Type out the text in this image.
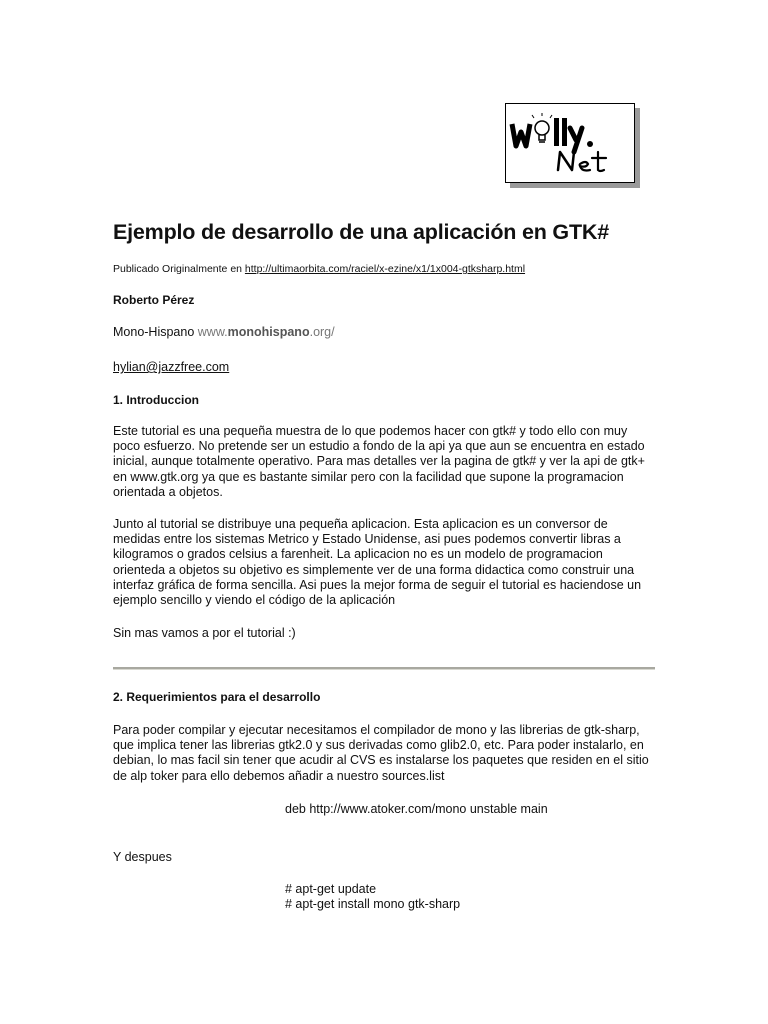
Ejemplo de desarrollo de una aplicación en GTK#

Publicado Originalmente en http://ultimaorbita.com/raciel/x-ezine/x1/1x004-gtksharp.html

Roberto Pérez

Mono-Hispano www.monohispano.org/

hylian@jazzfree.com

1. Introduccion

Este tutorial es una pequeña muestra de lo que podemos hacer con gtk# y todo ello con muy
poco esfuerzo. No pretende ser un estudio a fondo de la api ya que aun se encuentra en estado
inicial, aunque totalmente operativo. Para mas detalles ver la pagina de gtk# y ver la api de gtk+
en www.gtk.org ya que es bastante similar pero con la facilidad que supone la programacion
orientada a objetos.

Junto al tutorial se distribuye una pequeña aplicacion. Esta aplicacion es un conversor de
medidas entre los sistemas Metrico y Estado Unidense, asi pues podemos convertir libras a
kilogramos o grados celsius a farenheit. La aplicacion no es un modelo de programacion
orienteda a objetos su objetivo es simplemente ver de una forma didactica como construir una
interfaz gráfica de forma sencilla. Asi pues la mejor forma de seguir el tutorial es haciendose un
ejemplo sencillo y viendo el código de la aplicación

Sin mas vamos a por el tutorial :)

2. Requerimientos para el desarrollo

Para poder compilar y ejecutar necesitamos el compilador de mono y las librerias de gtk-sharp,
que implica tener las librerias gtk2.0 y sus derivadas como glib2.0, etc. Para poder instalarlo, en
debian, lo mas facil sin tener que acudir al CVS es instalarse los paquetes que residen en el sitio
de alp toker para ello debemos añadir a nuestro sources.list

deb http://www.atoker.com/mono unstable main

Y despues

# apt-get update
# apt-get install mono gtk-sharp
